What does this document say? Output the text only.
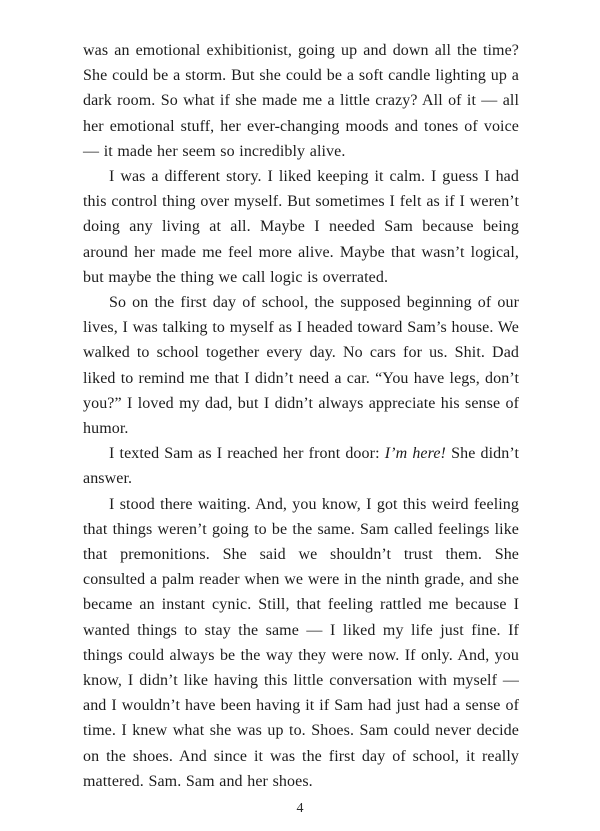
was an emotional exhibitionist, going up and down all the time? She could be a storm. But she could be a soft candle lighting up a dark room. So what if she made me a little crazy? All of it — all her emotional stuff, her ever-changing moods and tones of voice — it made her seem so incredibly alive.

I was a different story. I liked keeping it calm. I guess I had this control thing over myself. But sometimes I felt as if I weren’t doing any living at all. Maybe I needed Sam because being around her made me feel more alive. Maybe that wasn’t logical, but maybe the thing we call logic is overrated.

So on the first day of school, the supposed beginning of our lives, I was talking to myself as I headed toward Sam’s house. We walked to school together every day. No cars for us. Shit. Dad liked to remind me that I didn’t need a car. “You have legs, don’t you?” I loved my dad, but I didn’t always appreciate his sense of humor.

I texted Sam as I reached her front door: I’m here! She didn’t answer.

I stood there waiting. And, you know, I got this weird feeling that things weren’t going to be the same. Sam called feelings like that premonitions. She said we shouldn’t trust them. She consulted a palm reader when we were in the ninth grade, and she became an instant cynic. Still, that feeling rattled me because I wanted things to stay the same — I liked my life just fine. If things could always be the way they were now. If only. And, you know, I didn’t like having this little conversation with myself — and I wouldn’t have been having it if Sam had just had a sense of time. I knew what she was up to. Shoes. Sam could never decide on the shoes. And since it was the first day of school, it really mattered. Sam. Sam and her shoes.

4
